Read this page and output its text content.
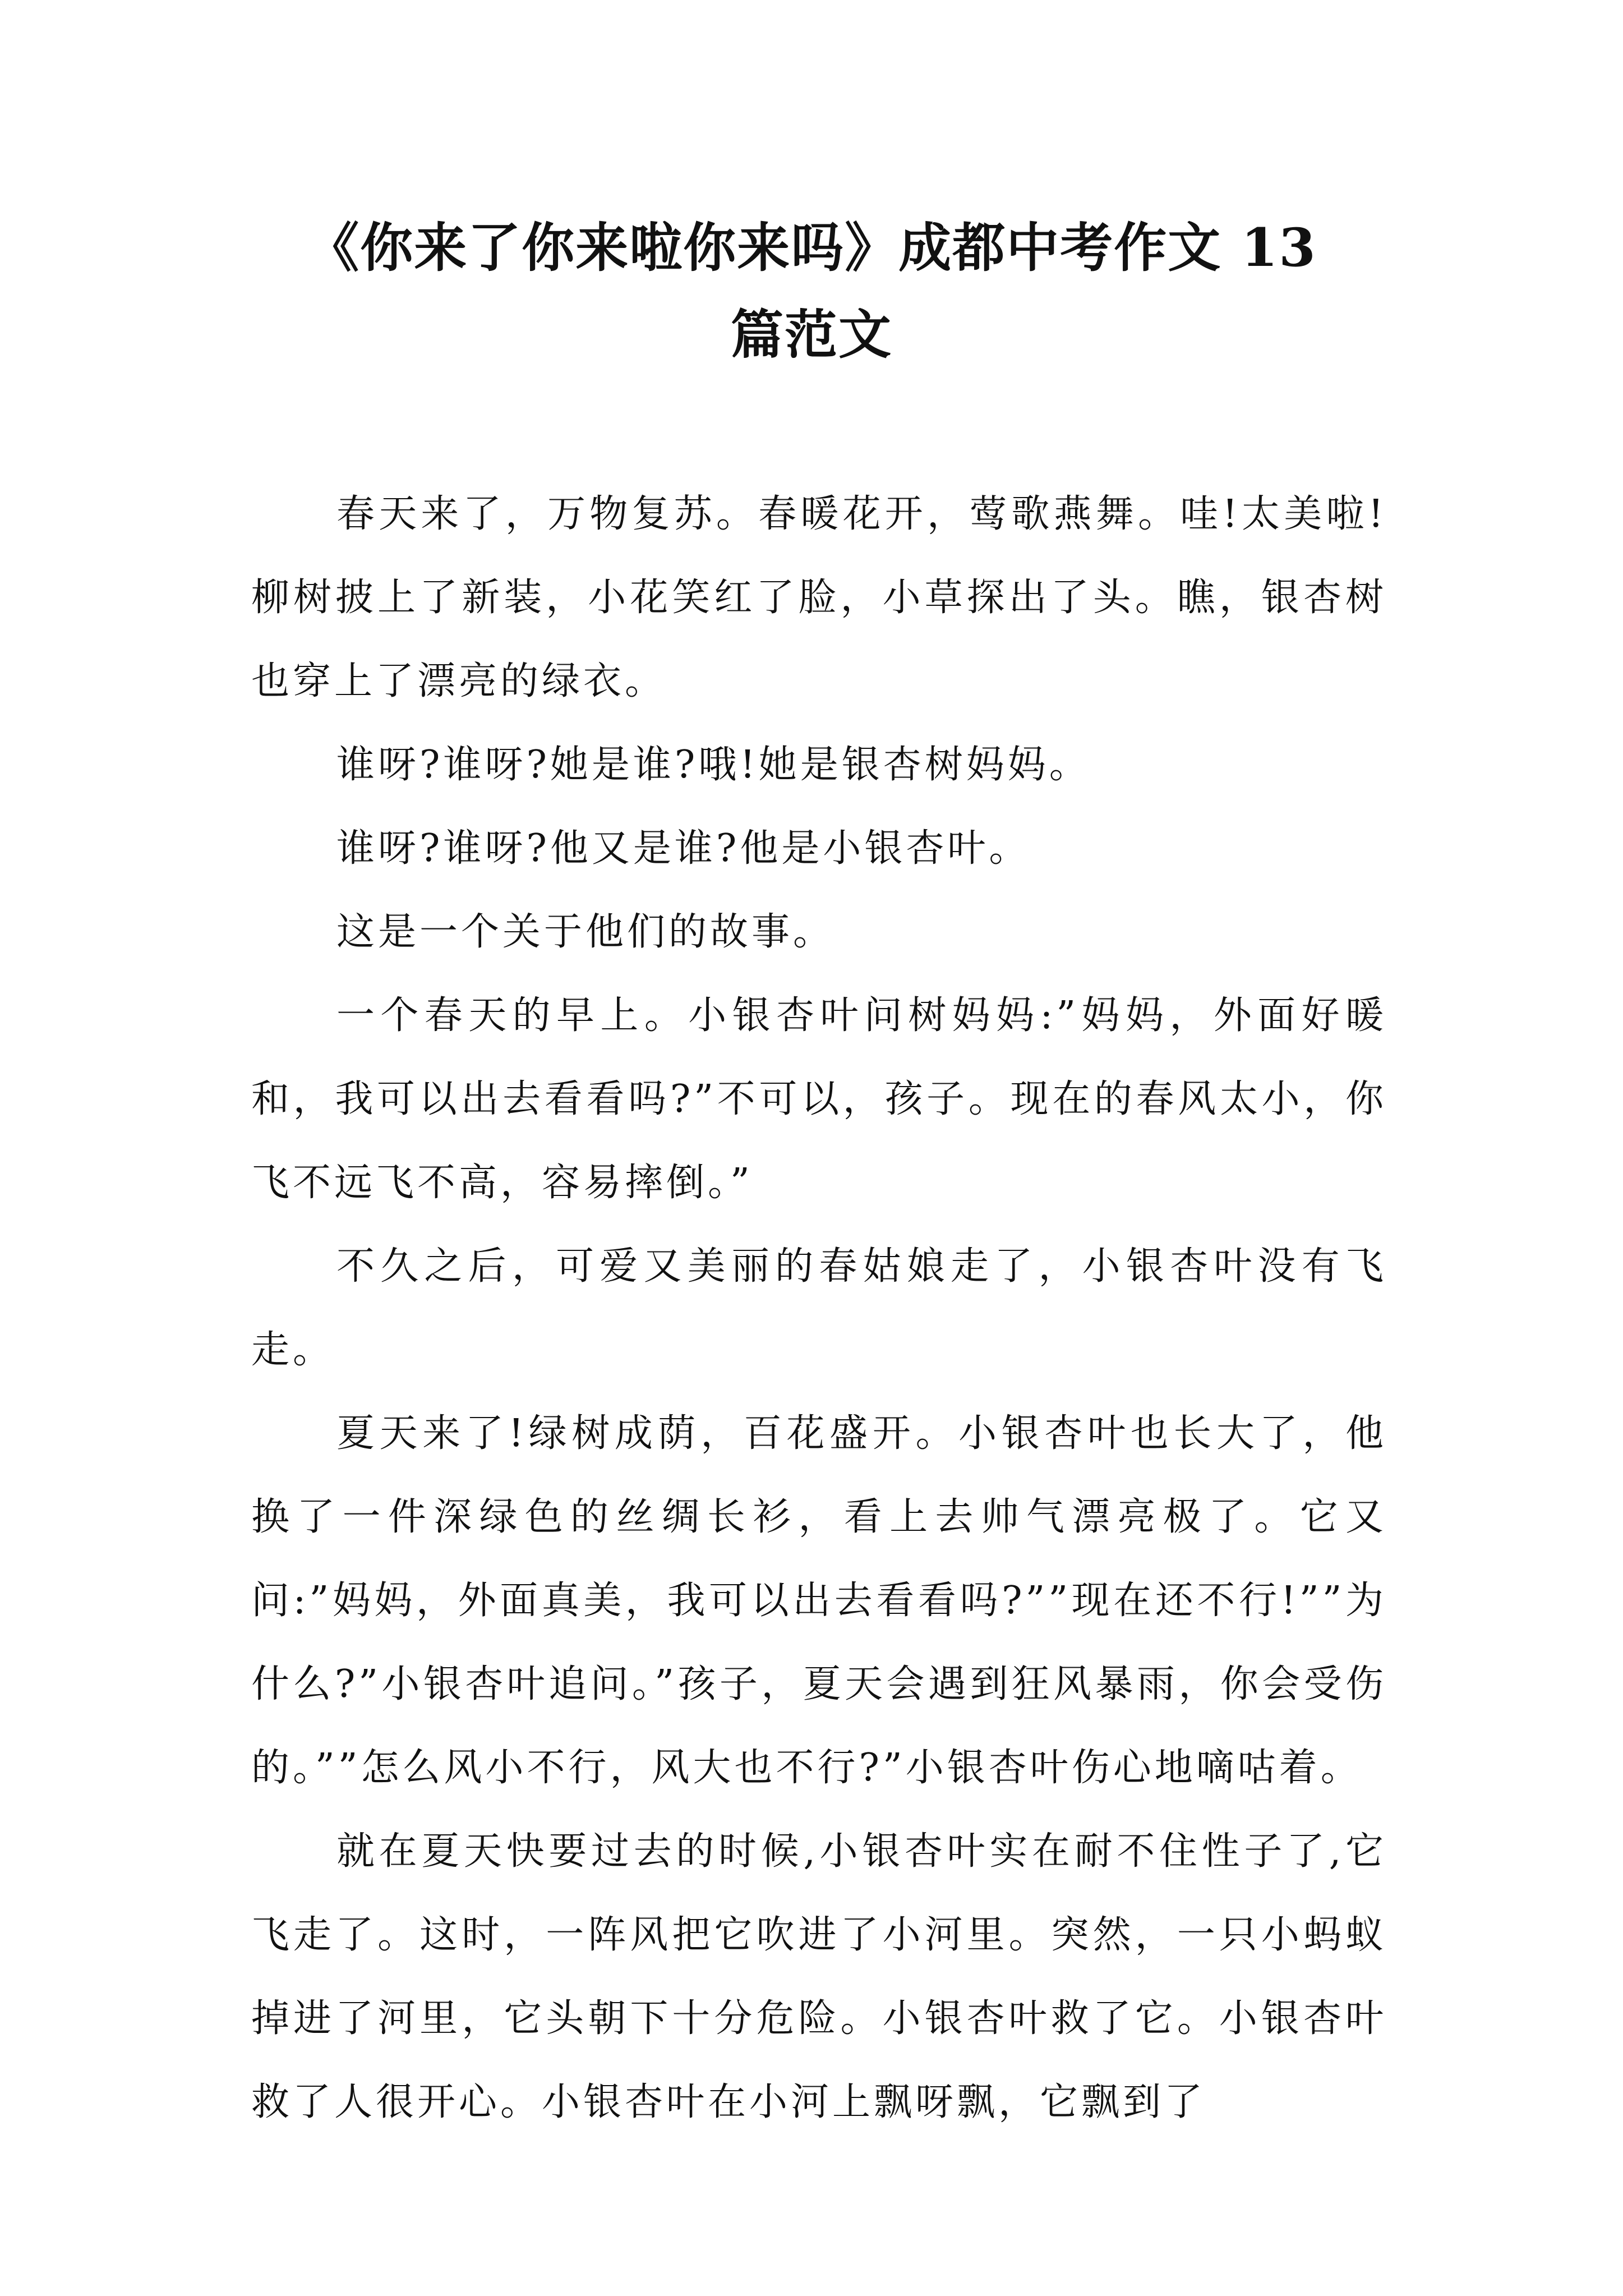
《你来了你来啦你来吗》成都中考作文 13
篇范文

春天来了，万物复苏。春暖花开，莺歌燕舞。哇!太美啦!柳树披上了新装，小花笑红了脸，小草探出了头。瞧，银杏树也穿上了漂亮的绿衣。

谁呀?谁呀?她是谁?哦!她是银杏树妈妈。

谁呀?谁呀?他又是谁?他是小银杏叶。

这是一个关于他们的故事。

一个春天的早上。小银杏叶问树妈妈:”妈妈，外面好暖和，我可以出去看看吗?”不可以，孩子。现在的春风太小，你飞不远飞不高，容易摔倒。”

不久之后，可爱又美丽的春姑娘走了，小银杏叶没有飞走。

夏天来了!绿树成荫，百花盛开。小银杏叶也长大了，他换了一件深绿色的丝绸长衫，看上去帅气漂亮极了。它又问:”妈妈，外面真美，我可以出去看看吗?””现在还不行!””为什么?”小银杏叶追问。”孩子，夏天会遇到狂风暴雨，你会受伤的。””怎么风小不行，风大也不行?”小银杏叶伤心地嘀咕着。

就在夏天快要过去的时候,小银杏叶实在耐不住性子了,它飞走了。这时，一阵风把它吹进了小河里。突然，一只小蚂蚁掉进了河里，它头朝下十分危险。小银杏叶救了它。小银杏叶救了人很开心。小银杏叶在小河上飘呀飘，它飘到了
